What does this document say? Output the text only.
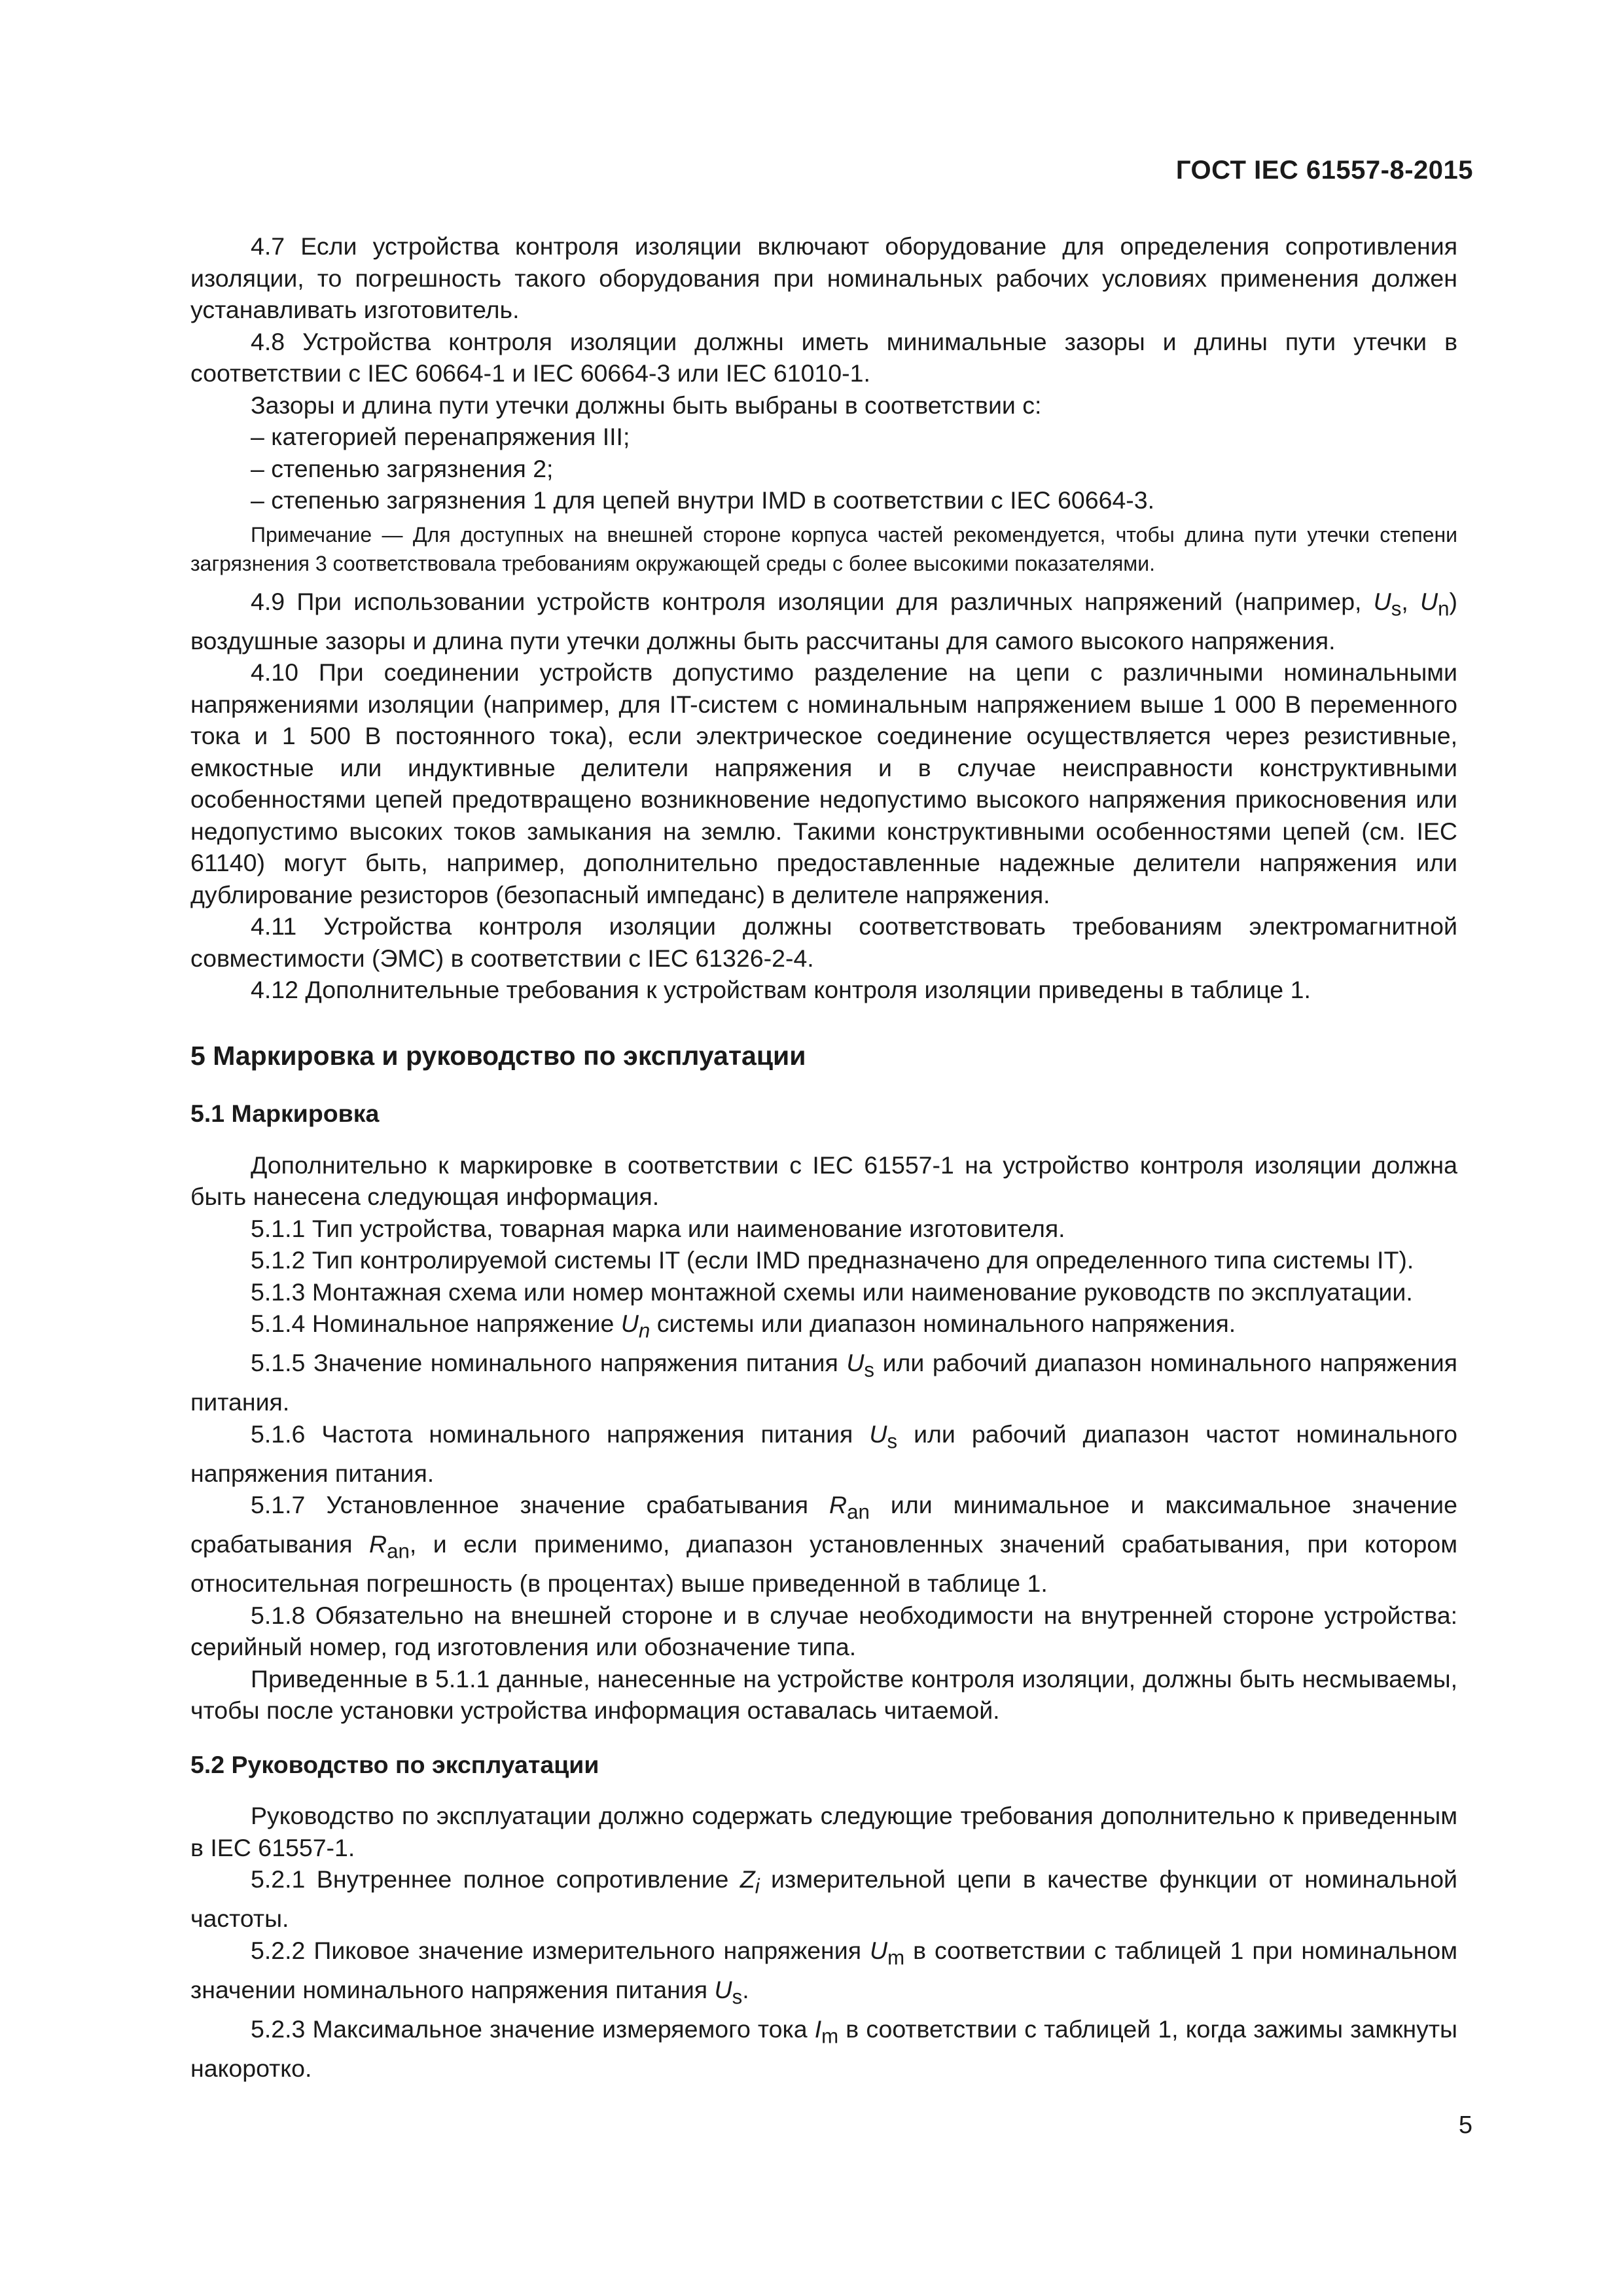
ГОСТ IEC 61557-8-2015

4.7 Если устройства контроля изоляции включают оборудование для определения сопротивления изоляции, то погрешность такого оборудования при номинальных рабочих условиях применения должен устанавливать изготовитель.

4.8 Устройства контроля изоляции должны иметь минимальные зазоры и длины пути утечки в соответствии с IEC 60664-1 и IEC 60664-3 или IEC 61010-1.

Зазоры и длина пути утечки должны быть выбраны в соответствии с:

– категорией перенапряжения III;

– степенью загрязнения 2;

– степенью загрязнения 1 для цепей внутри IMD в соответствии с IEC 60664-3.

Примечание — Для доступных на внешней стороне корпуса частей рекомендуется, чтобы длина пути утечки степени загрязнения 3 соответствовала требованиям окружающей среды с более высокими показателями.

4.9 При использовании устройств контроля изоляции для различных напряжений (например, $U_s$, $U_n$) воздушные зазоры и длина пути утечки должны быть рассчитаны для самого высокого напряжения.

4.10 При соединении устройств допустимо разделение на цепи с различными номинальными напряжениями изоляции (например, для IT-систем с номинальным напряжением выше 1 000 В переменного тока и 1 500 В постоянного тока), если электрическое соединение осуществляется через резистивные, емкостные или индуктивные делители напряжения и в случае неисправности конструктивными особенностями цепей предотвращено возникновение недопустимо высокого напряжения прикосновения или недопустимо высоких токов замыкания на землю. Такими конструктивными особенностями цепей (см. IEC 61140) могут быть, например, дополнительно предоставленные надежные делители напряжения или дублирование резисторов (безопасный импеданс) в делителе напряжения.

4.11 Устройства контроля изоляции должны соответствовать требованиям электромагнитной совместимости (ЭМС) в соответствии с IEC 61326-2-4.

4.12 Дополнительные требования к устройствам контроля изоляции приведены в таблице 1.

5 Маркировка и руководство по эксплуатации

5.1 Маркировка

Дополнительно к маркировке в соответствии с IEC 61557-1 на устройство контроля изоляции должна быть нанесена следующая информация.

5.1.1 Тип устройства, товарная марка или наименование изготовителя.

5.1.2 Тип контролируемой системы IT (если IMD предназначено для определенного типа системы IT).

5.1.3 Монтажная схема или номер монтажной схемы или наименование руководств по эксплуатации.

5.1.4 Номинальное напряжение $U_n$ системы или диапазон номинального напряжения.

5.1.5 Значение номинального напряжения питания $U_s$ или рабочий диапазон номинального напряжения питания.

5.1.6 Частота номинального напряжения питания $U_s$ или рабочий диапазон частот номинального напряжения питания.

5.1.7 Установленное значение срабатывания $R_{an}$ или минимальное и максимальное значение срабатывания $R_{an}$, и если применимо, диапазон установленных значений срабатывания, при котором относительная погрешность (в процентах) выше приведенной в таблице 1.

5.1.8 Обязательно на внешней стороне и в случае необходимости на внутренней стороне устройства: серийный номер, год изготовления или обозначение типа.

Приведенные в 5.1.1 данные, нанесенные на устройстве контроля изоляции, должны быть несмываемы, чтобы после установки устройства информация оставалась читаемой.

5.2 Руководство по эксплуатации

Руководство по эксплуатации должно содержать следующие требования дополнительно к приведенным в IEC 61557-1.

5.2.1 Внутреннее полное сопротивление $Z_i$ измерительной цепи в качестве функции от номинальной частоты.

5.2.2 Пиковое значение измерительного напряжения $U_m$ в соответствии с таблицей 1 при номинальном значении номинального напряжения питания $U_s$.

5.2.3 Максимальное значение измеряемого тока $I_m$ в соответствии с таблицей 1, когда зажимы замкнуты накоротко.

5
